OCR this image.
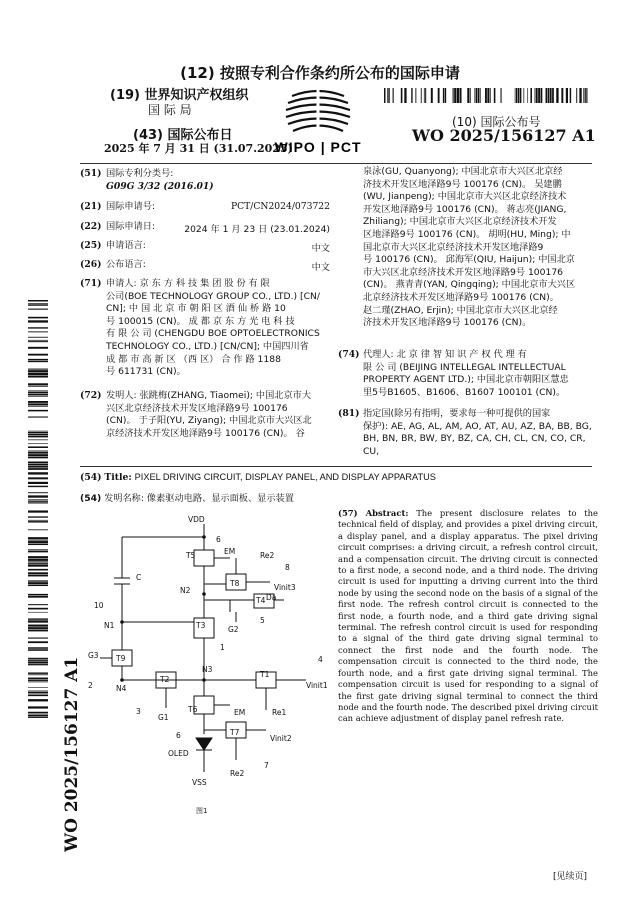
(12) 按照专利合作条约所公布的国际申请
(19) 世界知识产权组织
国 际 局
(43) 国际公布日
2025 年 7 月 31 日 (31.07.2025)
WIPO | PCT
(10) 国际公布号
WO 2025/156127 A1
WO 2025/156127 A1
(51) 国际专利分类号:
G09G 3/32 (2016.01)
(21) 国际申请号:	PCT/CN2024/073722
(22) 国际申请日:	2024 年 1 月 23 日 (23.01.2024)
(25) 申请语言:	中文
(26) 公布语言:	中文
(71) 申请人: 京 东 方 科 技 集 团 股 份 有 限
公司(BOE TECHNOLOGY GROUP CO., LTD.) [CN/
CN]; 中 国 北 京 市 朝 阳 区 酒 仙 桥 路 10
号 100015 (CN)。 成 都 京 东 方 光 电 科 技
有 限 公 司 (CHENGDU BOE OPTOELECTRONICS
TECHNOLOGY CO., LTD.) [CN/CN]; 中国四川省
成 都 市 高 新 区 （西 区） 合 作 路 1188
号 611731 (CN)。
(72) 发明人: 张跳梅(ZHANG, Tiaomei); 中国北京市大
兴区北京经济技术开发区地泽路9号 100176
(CN)。 于子阳(YU, Ziyang); 中国北京市大兴区北
京经济技术开发区地泽路9号 100176 (CN)。 谷
泉泳(GU, Quanyong); 中国北京市大兴区北京经
济技术开发区地泽路9号 100176 (CN)。 吴建鹏
(WU, Jianpeng); 中国北京市大兴区北京经济技术
开发区地泽路9号 100176 (CN)。 蒋志亮(JIANG,
Zhiliang); 中国北京市大兴区北京经济技术开发
区地泽路9号 100176 (CN)。 胡明(HU, Ming); 中
国北京市大兴区北京经济技术开发区地泽路9
号 100176 (CN)。 邱海军(QIU, Haijun); 中国北京
市大兴区北京经济技术开发区地泽路9号 100176
(CN)。 燕青青(YAN, Qingqing); 中国北京市大兴区
北京经济技术开发区地泽路9号 100176 (CN)。
赵二瑾(ZHAO, Erjin); 中国北京市大兴区北京经
济技术开发区地泽路9号 100176 (CN)。
(74) 代理人: 北 京 律 智 知 识 产 权 代 理 有
限 公 司 (BEIJING INTELLEGAL INTELLECTUAL
PROPERTY AGENT LTD.); 中国北京市朝阳区慧忠
里5号B1605、B1606、B1607 100101 (CN)。
(81) 指定国(除另有指明，要求每一种可提供的国家
保护): AE, AG, AL, AM, AO, AT, AU, AZ, BA, BB, BG,
BH, BN, BR, BW, BY, BZ, CA, CH, CL, CN, CO, CR, CU,
(54) Title: PIXEL DRIVING CIRCUIT, DISPLAY PANEL, AND DISPLAY APPARATUS
(54) 发明名称: 像素驱动电路、显示面板、显示装置
VDD
6
T5	EM	Re2
8
T8	Vinit3
C
10
N2
T4 Da
5
T3	G2
N1
1
G3 T9
N3
4
2	N4
T2
T1
Vinit1
3
G1
T6	EM	Re1
6	T7
Vinit2
OLED
7
Re2
VSS
图1
(57) Abstract: The present disclosure relates to the technical field of display, and provides a pixel driving circuit, a display panel, and a display apparatus. The pixel driving circuit comprises: a driving circuit, a refresh control circuit, and a compensation circuit. The driving circuit is connected to a first node, a second node, and a third node. The driving circuit is used for inputting a driving current into the third node by using the second node on the basis of a signal of the first node. The refresh control circuit is connected to the first node, a fourth node, and a third gate driving signal terminal. The refresh control circuit is used for responding to a signal of the third gate driving signal terminal to connect the first node and the fourth node. The compensation circuit is connected to the third node, the fourth node, and a first gate driving signal terminal. The compensation circuit is used for responding to a signal of the first gate driving signal terminal to connect the third node and the fourth node. The described pixel driving circuit can achieve adjustment of display panel refresh rate.
[见续页]
